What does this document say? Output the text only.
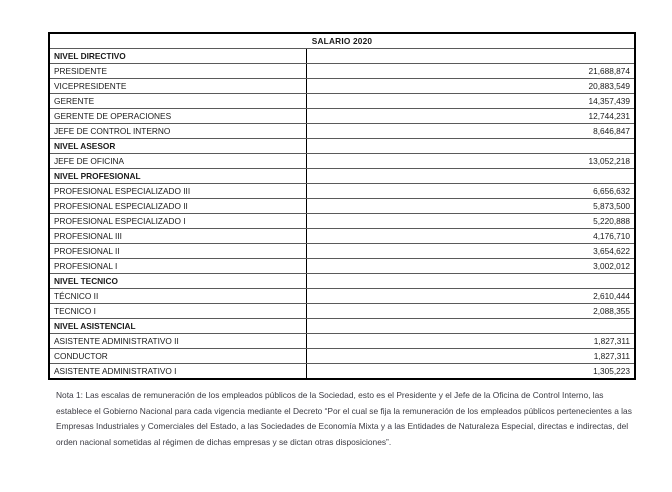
SALARIO 2020	
NIVEL DIRECTIVO	
PRESIDENTE	21,688,874
VICEPRESIDENTE	20,883,549
GERENTE	14,357,439
GERENTE DE OPERACIONES	12,744,231
JEFE DE CONTROL INTERNO	8,646,847
NIVEL ASESOR	
JEFE DE OFICINA	13,052,218
NIVEL PROFESIONAL	
PROFESIONAL ESPECIALIZADO III	6,656,632
PROFESIONAL ESPECIALIZADO II	5,873,500
PROFESIONAL ESPECIALIZADO I	5,220,888
PROFESIONAL III	4,176,710
PROFESIONAL II	3,654,622
PROFESIONAL I	3,002,012
NIVEL TECNICO	
TÉCNICO II	2,610,444
TECNICO I	2,088,355
NIVEL ASISTENCIAL	
ASISTENTE ADMINISTRATIVO II	1,827,311
CONDUCTOR	1,827,311
ASISTENTE ADMINISTRATIVO I	1,305,223
Nota 1: Las escalas de remuneración de los empleados públicos de la Sociedad, esto es el Presidente y el Jefe de la Oficina de Control Interno, las establece el Gobierno Nacional para cada vigencia mediante el Decreto “Por el cual se fija la remuneración de los empleados públicos pertenecientes a las Empresas Industriales y Comerciales del Estado, a las Sociedades de Economía Mixta y a las Entidades de Naturaleza Especial, directas e indirectas, del orden nacional sometidas al régimen de dichas empresas y se dictan otras disposiciones”.
